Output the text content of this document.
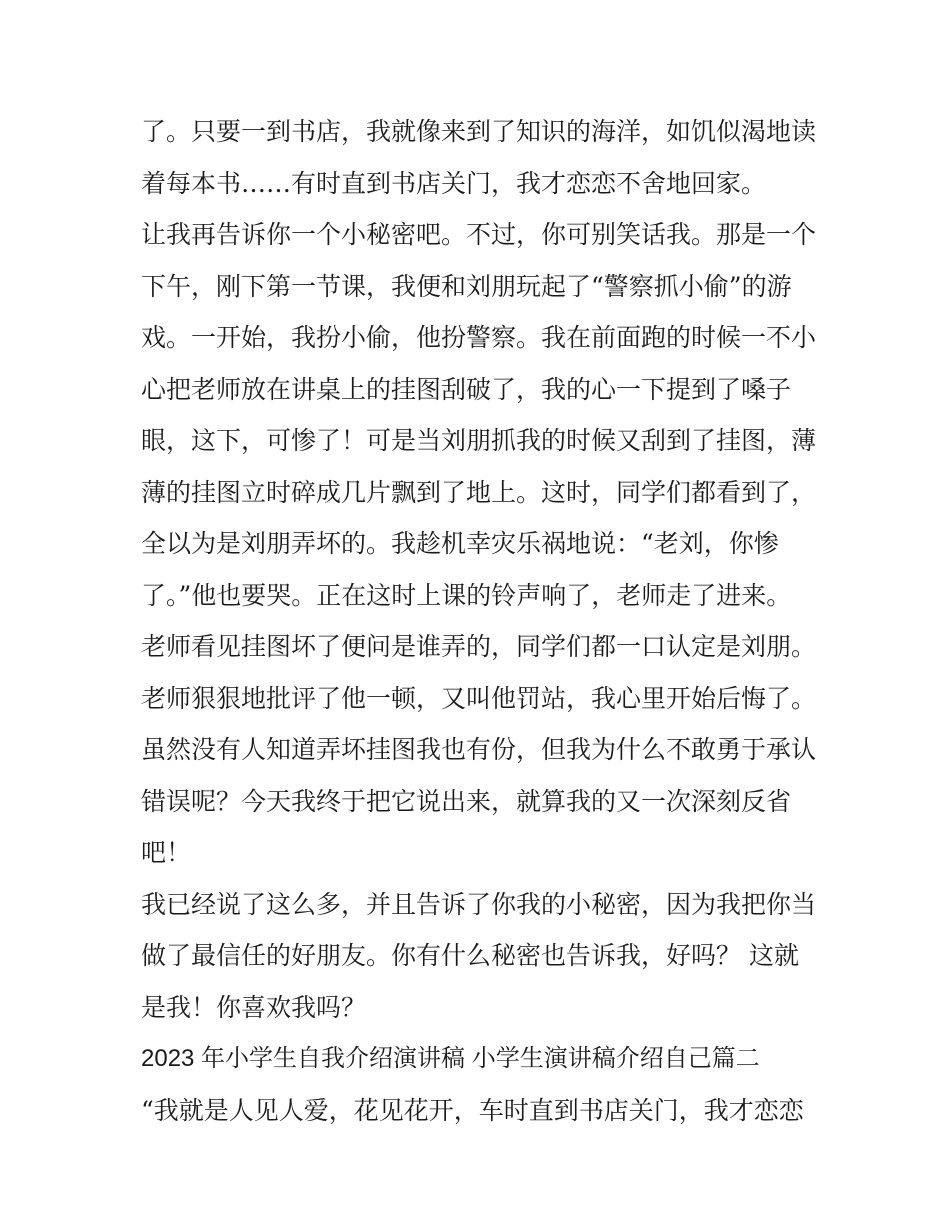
了。只要一到书店，我就像来到了知识的海洋，如饥似渴地读
着每本书……有时直到书店关门，我才恋恋不舍地回家。
让我再告诉你一个小秘密吧。不过，你可别笑话我。那是一个
下午，刚下第一节课，我便和刘朋玩起了“警察抓小偷”的游
戏。一开始，我扮小偷，他扮警察。我在前面跑的时候一不小
心把老师放在讲桌上的挂图刮破了，我的心一下提到了嗓子
眼，这下，可惨了！可是当刘朋抓我的时候又刮到了挂图，薄
薄的挂图立时碎成几片飘到了地上。这时，同学们都看到了，
全以为是刘朋弄坏的。我趁机幸灾乐祸地说：“老刘，你惨
了。”他也要哭。正在这时上课的铃声响了，老师走了进来。
老师看见挂图坏了便问是谁弄的，同学们都一口认定是刘朋。
老师狠狠地批评了他一顿，又叫他罚站，我心里开始后悔了。
虽然没有人知道弄坏挂图我也有份，但我为什么不敢勇于承认
错误呢？今天我终于把它说出来，就算我的又一次深刻反省
吧！
我已经说了这么多，并且告诉了你我的小秘密，因为我把你当
做了最信任的好朋友。你有什么秘密也告诉我，好吗？ 这就
是我！你喜欢我吗？
2023 年小学生自我介绍演讲稿 小学生演讲稿介绍自己篇二
“我就是人见人爱，花见花开，车时直到书店关门，我才恋恋
